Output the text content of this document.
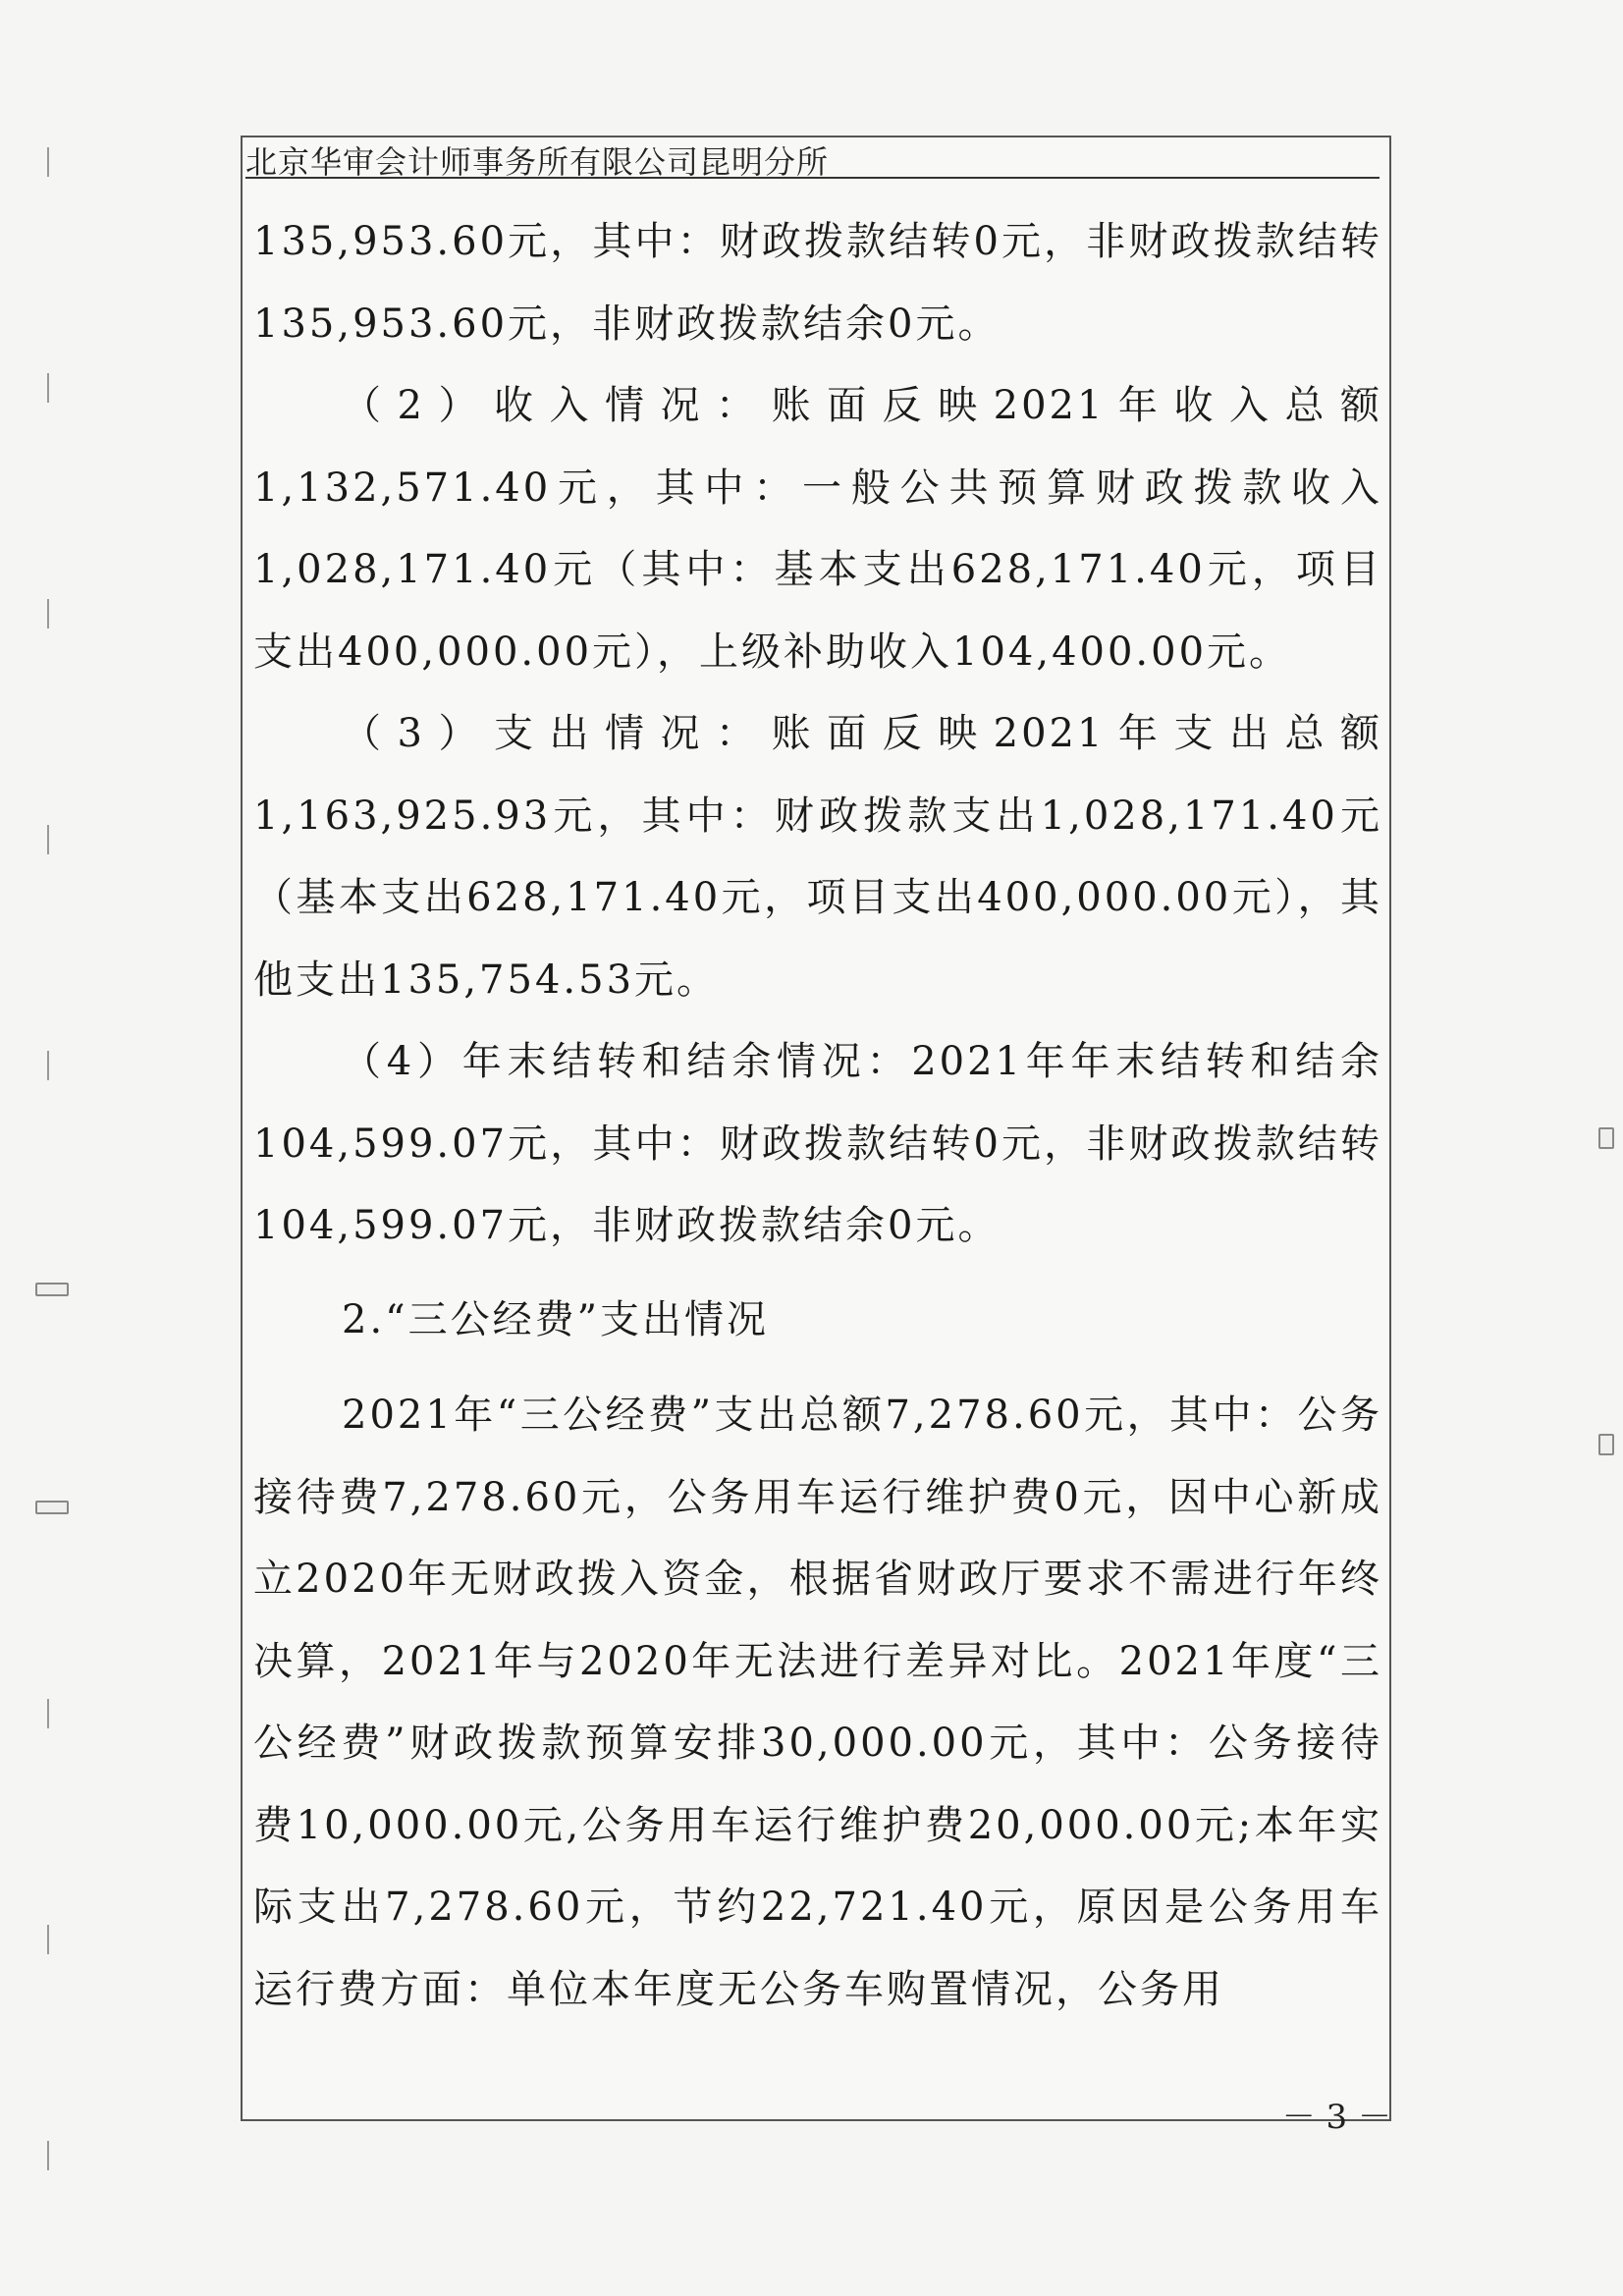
北京华审会计师事务所有限公司昆明分所

135,953.60元，其中：财政拨款结转0元，非财政拨款结转135,953.60元，非财政拨款结余0元。

（2）收入情况：账面反映2021年收入总额1,132,571.40元，其中：一般公共预算财政拨款收入1,028,171.40元（其中：基本支出628,171.40元，项目支出400,000.00元），上级补助收入104,400.00元。

（3）支出情况：账面反映2021年支出总额1,163,925.93元，其中：财政拨款支出1,028,171.40元（基本支出628,171.40元，项目支出400,000.00元），其他支出135,754.53元。

（4）年末结转和结余情况：2021年年末结转和结余104,599.07元，其中：财政拨款结转0元，非财政拨款结转104,599.07元，非财政拨款结余0元。

2.“三公经费”支出情况

2021年“三公经费”支出总额7,278.60元，其中：公务接待费7,278.60元，公务用车运行维护费0元，因中心新成立2020年无财政拨入资金，根据省财政厅要求不需进行年终决算，2021年与2020年无法进行差异对比。2021年度“三公经费”财政拨款预算安排30,000.00元，其中：公务接待费10,000.00元,公务用车运行维护费20,000.00元;本年实际支出7,278.60元，节约22,721.40元，原因是公务用车运行费方面：单位本年度无公务车购置情况，公务用

－ 3 －
